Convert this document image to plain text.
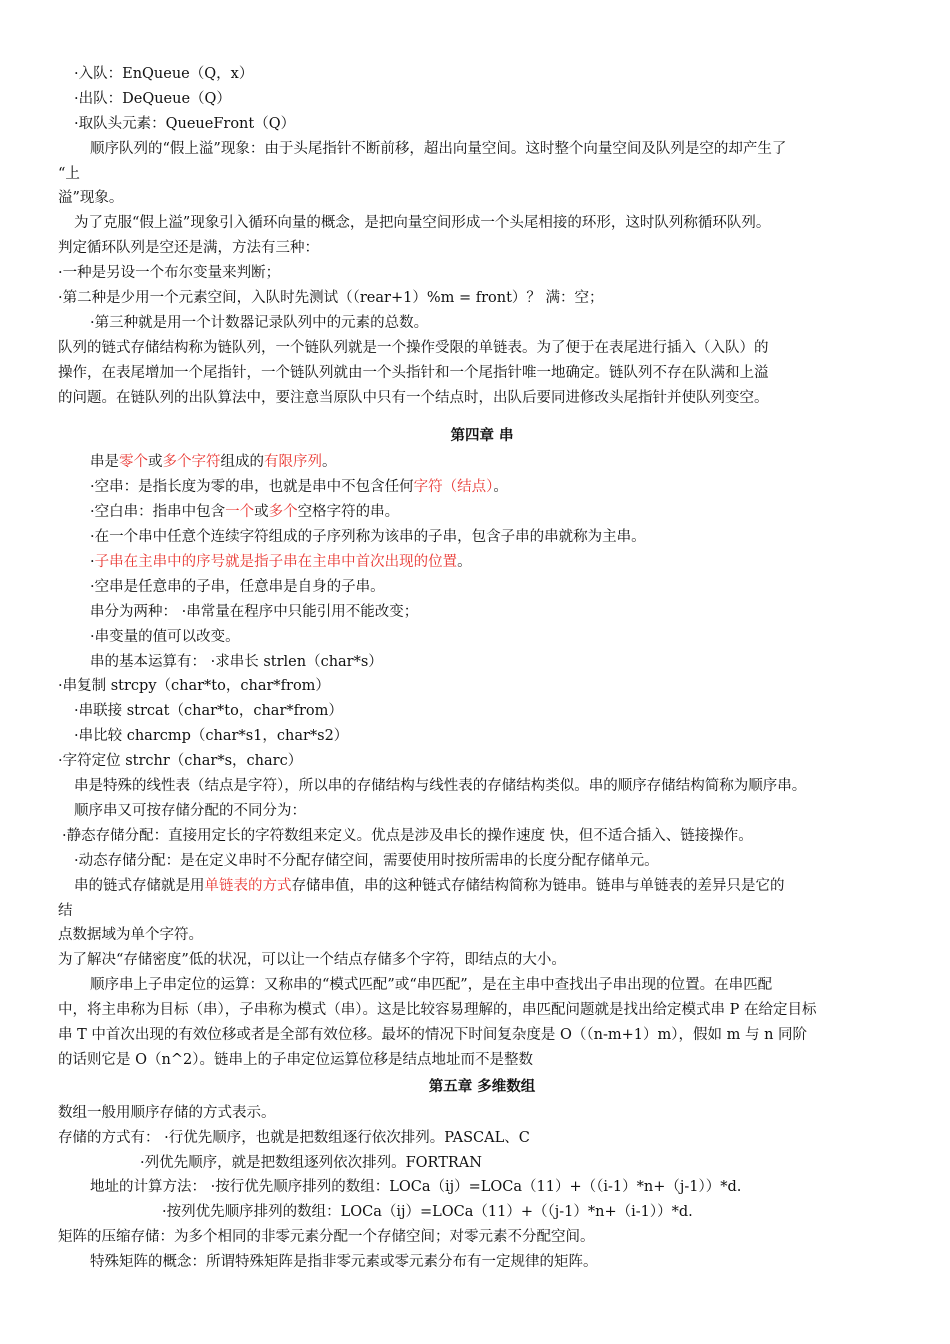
·入队：EnQueue（Q，x）
·出队：DeQueue（Q）
·取队头元素：QueueFront（Q）
顺序队列的“假上溢”现象：由于头尾指针不断前移，超出向量空间。这时整个向量空间及队列是空的却产生了
“上
溢”现象。
为了克服“假上溢”现象引入循环向量的概念，是把向量空间形成一个头尾相接的环形，这时队列称循环队列。
判定循环队列是空还是满，方法有三种：
·一种是另设一个布尔变量来判断；
·第二种是少用一个元素空间，入队时先测试（（rear+1）%m = front）？ 满：空；
·第三种就是用一个计数器记录队列中的元素的总数。
队列的链式存储结构称为链队列，一个链队列就是一个操作受限的单链表。为了便于在表尾进行插入（入队）的
操作，在表尾增加一个尾指针，一个链队列就由一个头指针和一个尾指针唯一地确定。链队列不存在队满和上溢
的问题。在链队列的出队算法中，要注意当原队中只有一个结点时，出队后要同进修改头尾指针并使队列变空。
第四章 串
串是零个或多个字符组成的有限序列。
·空串：是指长度为零的串，也就是串中不包含任何字符（结点）。
·空白串：指串中包含一个或多个空格字符的串。
·在一个串中任意个连续字符组成的子序列称为该串的子串，包含子串的串就称为主串。
·子串在主串中的序号就是指子串在主串中首次出现的位置。
·空串是任意串的子串，任意串是自身的子串。
串分为两种： ·串常量在程序中只能引用不能改变；
·串变量的值可以改变。
串的基本运算有： ·求串长 strlen（char*s）
·串复制 strcpy（char*to，char*from）
·串联接 strcat（char*to，char*from）
·串比较 charcmp（char*s1，char*s2）
·字符定位 strchr（char*s，charc）
串是特殊的线性表（结点是字符），所以串的存储结构与线性表的存储结构类似。串的顺序存储结构简称为顺序串。
顺序串又可按存储分配的不同分为：
·静态存储分配：直接用定长的字符数组来定义。优点是涉及串长的操作速度 快，但不适合插入、链接操作。
·动态存储分配：是在定义串时不分配存储空间，需要使用时按所需串的长度分配存储单元。
串的链式存储就是用单链表的方式存储串值，串的这种链式存储结构简称为链串。链串与单链表的差异只是它的
结
点数据域为单个字符。
为了解决“存储密度”低的状况，可以让一个结点存储多个字符，即结点的大小。
顺序串上子串定位的运算：又称串的“模式匹配”或“串匹配”，是在主串中查找出子串出现的位置。在串匹配
中，将主串称为目标（串），子串称为模式（串）。这是比较容易理解的，串匹配问题就是找出给定模式串 P 在给定目标
串 T 中首次出现的有效位移或者是全部有效位移。最坏的情况下时间复杂度是 O（（n-m+1）m），假如 m 与 n 同阶
的话则它是 O（n^2）。链串上的子串定位运算位移是结点地址而不是整数
第五章 多维数组
数组一般用顺序存储的方式表示。
存储的方式有： ·行优先顺序，也就是把数组逐行依次排列。PASCAL、C
·列优先顺序，就是把数组逐列依次排列。FORTRAN
地址的计算方法： ·按行优先顺序排列的数组：LOCa（ij）=LOCa（11）+（（i-1）*n+（j-1））*d.
·按列优先顺序排列的数组：LOCa（ij）=LOCa（11）+（（j-1）*n+（i-1））*d.
矩阵的压缩存储：为多个相同的非零元素分配一个存储空间；对零元素不分配空间。
特殊矩阵的概念：所谓特殊矩阵是指非零元素或零元素分布有一定规律的矩阵。
